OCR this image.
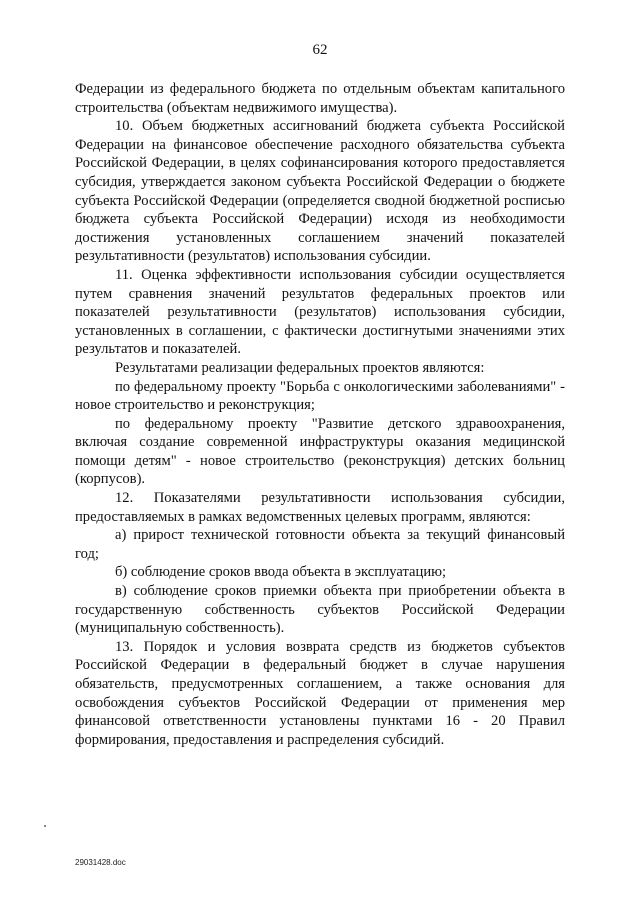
62

Федерации из федерального бюджета по отдельным объектам капитального строительства (объектам недвижимого имущества).

10. Объем бюджетных ассигнований бюджета субъекта Российской Федерации на финансовое обеспечение расходного обязательства субъекта Российской Федерации, в целях софинансирования которого предоставляется субсидия, утверждается законом субъекта Российской Федерации о бюджете субъекта Российской Федерации (определяется сводной бюджетной росписью бюджета субъекта Российской Федерации) исходя из необходимости достижения установленных соглашением значений показателей результативности (результатов) использования субсидии.

11. Оценка эффективности использования субсидии осуществляется путем сравнения значений результатов федеральных проектов или показателей результативности (результатов) использования субсидии, установленных в соглашении, с фактически достигнутыми значениями этих результатов и показателей.

Результатами реализации федеральных проектов являются:

по федеральному проекту "Борьба с онкологическими заболеваниями" - новое строительство и реконструкция;

по федеральному проекту "Развитие детского здравоохранения, включая создание современной инфраструктуры оказания медицинской помощи детям" - новое строительство (реконструкция) детских больниц (корпусов).

12. Показателями результативности использования субсидии, предоставляемых в рамках ведомственных целевых программ, являются:

а) прирост технической готовности объекта за текущий финансовый год;

б) соблюдение сроков ввода объекта в эксплуатацию;

в) соблюдение сроков приемки объекта при приобретении объекта в государственную собственность субъектов Российской Федерации (муниципальную собственность).

13. Порядок и условия возврата средств из бюджетов субъектов Российской Федерации в федеральный бюджет в случае нарушения обязательств, предусмотренных соглашением, а также основания для освобождения субъектов Российской Федерации от применения мер финансовой ответственности установлены пунктами 16 - 20 Правил формирования, предоставления и распределения субсидий.

29031428.doc
